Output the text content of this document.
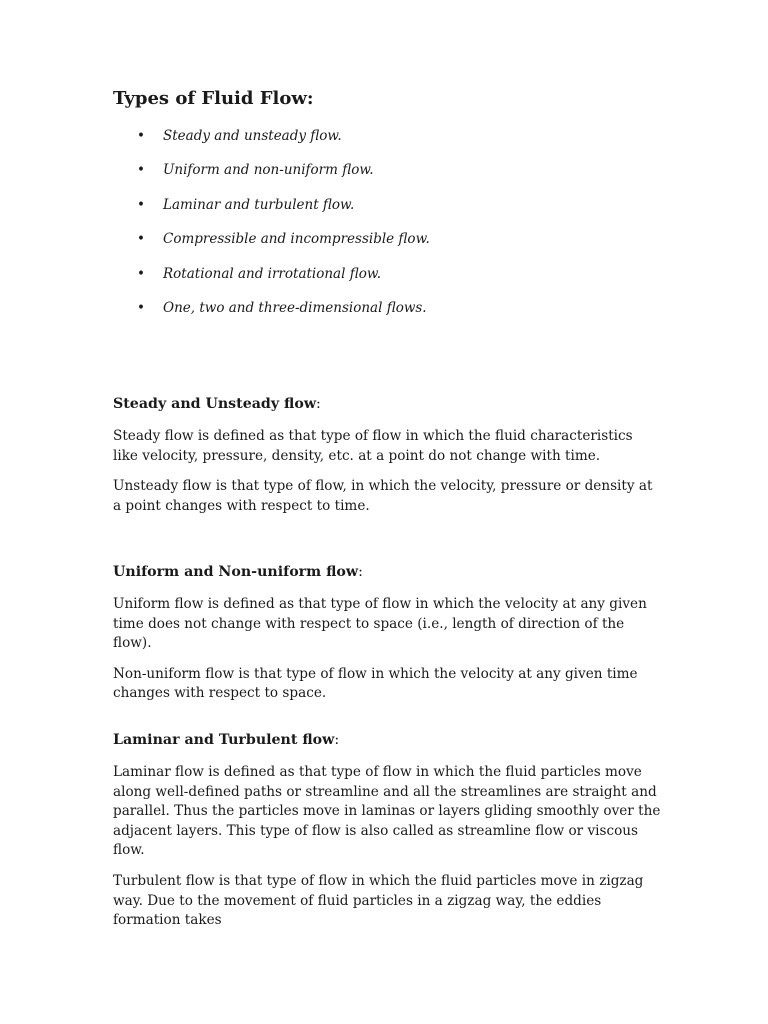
Types of Fluid Flow:
• Steady and unsteady flow.
• Uniform and non-uniform flow.
• Laminar and turbulent flow.
• Compressible and incompressible flow.
• Rotational and irrotational flow.
• One, two and three-dimensional flows.
Steady and Unsteady flow:

Steady flow is defined as that type of flow in which the fluid characteristics like velocity, pressure, density, etc. at a point do not change with time.

Unsteady flow is that type of flow, in which the velocity, pressure or density at a point changes with respect to time.

Uniform and Non-uniform flow:

Uniform flow is defined as that type of flow in which the velocity at any given time does not change with respect to space (i.e., length of direction of the flow).

Non-uniform flow is that type of flow in which the velocity at any given time changes with respect to space.

Laminar and Turbulent flow:

Laminar flow is defined as that type of flow in which the fluid particles move along well-defined paths or streamline and all the streamlines are straight and parallel. Thus the particles move in laminas or layers gliding smoothly over the adjacent layers. This type of flow is also called as streamline flow or viscous flow.

Turbulent flow is that type of flow in which the fluid particles move in zigzag way. Due to the movement of fluid particles in a zigzag way, the eddies formation takes
